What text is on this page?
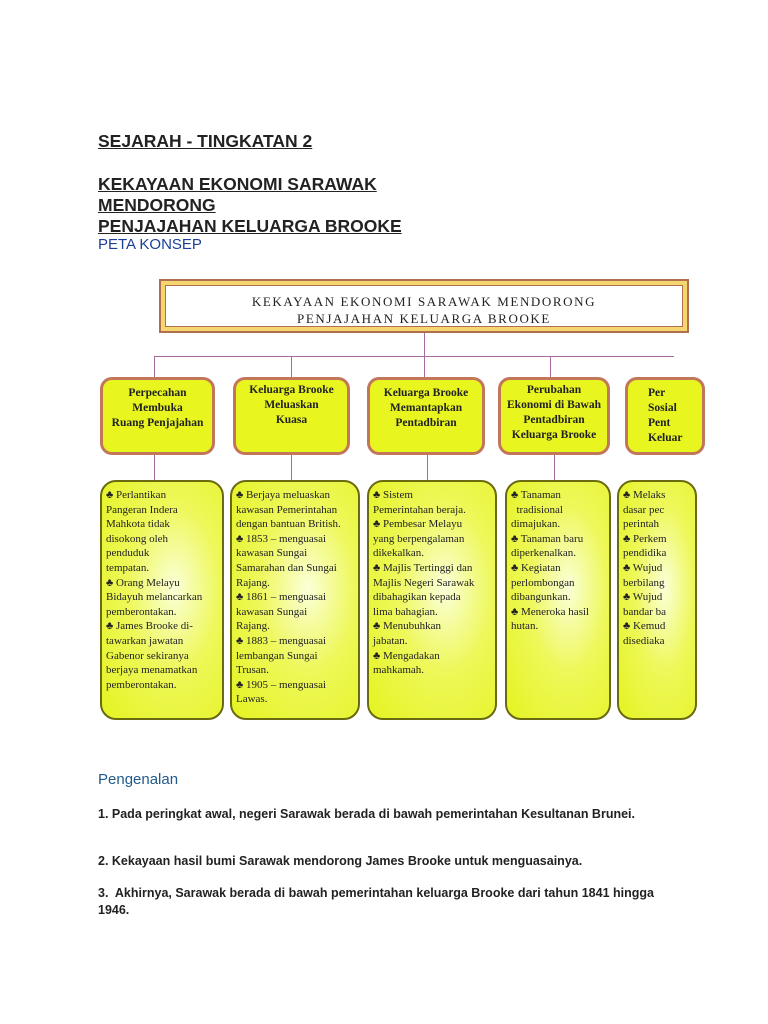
SEJARAH - TINGKATAN 2
KEKAYAAN EKONOMI SARAWAK
MENDORONG
PENJAJAHAN KELUARGA BROOKE
PETA KONSEP
KEKAYAAN EKONOMI SARAWAK MENDORONG
PENJAJAHAN KELUARGA BROOKE
Perpecahan
Membuka
Ruang Penjajahan
Keluarga Brooke
Meluaskan
Kuasa
Keluarga Brooke
Memantapkan
Pentadbiran
Perubahan
Ekonomi di Bawah
Pentadbiran
Keluarga Brooke
Per
Sosial
Pent
Keluar
♣ Perlantikan
Pangeran Indera
Mahkota tidak
disokong oleh
penduduk
tempatan.
♣ Orang Melayu
Bidayuh melancarkan
pemberontakan.
♣ James Brooke di-
tawarkan jawatan
Gabenor sekiranya
berjaya menamatkan
pemberontakan.
♣ Berjaya meluaskan
kawasan Pemerintahan
dengan bantuan British.
♣ 1853 – menguasai
kawasan Sungai
Samarahan dan Sungai
Rajang.
♣ 1861 – menguasai
kawasan Sungai
Rajang.
♣ 1883 – menguasai
lembangan Sungai
Trusan.
♣ 1905 – menguasai
Lawas.
♣ Sistem
Pemerintahan beraja.
♣ Pembesar Melayu
yang berpengalaman
dikekalkan.
♣ Majlis Tertinggi dan
Majlis Negeri Sarawak
dibahagikan kepada
lima bahagian.
♣ Menubuhkan
jabatan.
♣ Mengadakan
mahkamah.
♣ Tanaman
tradisional
dimajukan.
♣ Tanaman baru
diperkenalkan.
♣ Kegiatan
perlombongan
dibangunkan.
♣ Meneroka hasil
hutan.
♣ Melaks
dasar pec
perintah
♣ Perkem
pendidika
♣ Wujud
berbilang
♣ Wujud
bandar ba
♣ Kemud
disediaka
Pengenalan

1. Pada peringkat awal, negeri Sarawak berada di bawah pemerintahan Kesultanan Brunei.

2. Kekayaan hasil bumi Sarawak mendorong James Brooke untuk menguasainya.

3.  Akhirnya, Sarawak berada di bawah pemerintahan keluarga Brooke dari tahun 1841 hingga        1946.
